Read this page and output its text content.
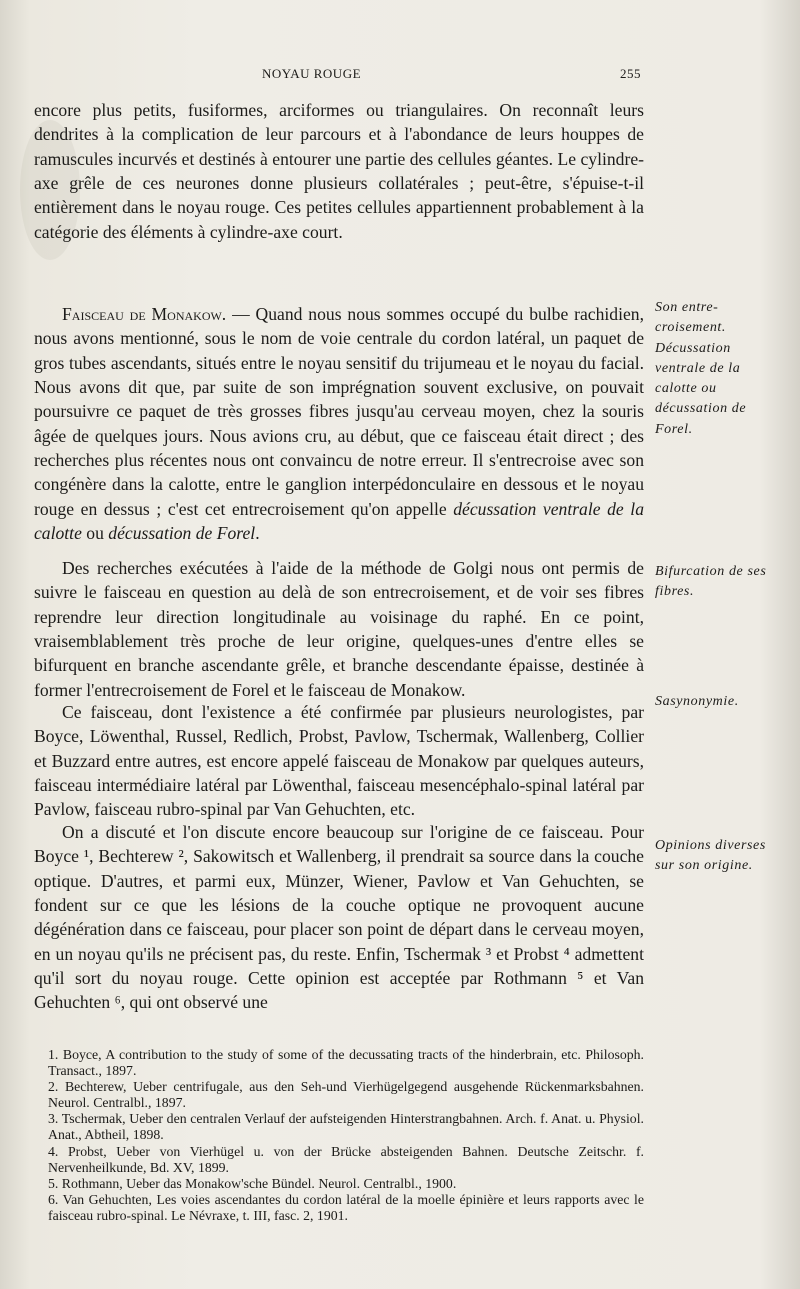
NOYAU ROUGE	255

encore plus petits, fusiformes, arciformes ou triangulaires. On reconnaît leurs dendrites à la complication de leur parcours et à l'abondance de leurs houppes de ramuscules incurvés et destinés à entourer une partie des cellules géantes. Le cylindre-axe grêle de ces neurones donne plusieurs collatérales ; peut-être, s'épuise-t-il entièrement dans le noyau rouge. Ces petites cellules appartiennent probablement à la catégorie des éléments à cylindre-axe court.

Faisceau de Monakow. — Quand nous nous sommes occupé du bulbe rachidien, nous avons mentionné, sous le nom de voie centrale du cordon latéral, un paquet de gros tubes ascendants, situés entre le noyau sensitif du trijumeau et le noyau du facial. Nous avons dit que, par suite de son imprégnation souvent exclusive, on pouvait poursuivre ce paquet de très grosses fibres jusqu'au cerveau moyen, chez la souris âgée de quelques jours. Nous avions cru, au début, que ce faisceau était direct ; des recherches plus récentes nous ont convaincu de notre erreur. Il s'entrecroise avec son congénère dans la calotte, entre le ganglion interpédonculaire en dessous et le noyau rouge en dessus ; c'est cet entrecroisement qu'on appelle décussation ventrale de la calotte ou décussation de Forel.

Des recherches exécutées à l'aide de la méthode de Golgi nous ont permis de suivre le faisceau en question au delà de son entrecroisement, et de voir ses fibres reprendre leur direction longitudinale au voisinage du raphé. En ce point, vraisemblablement très proche de leur origine, quelques-unes d'entre elles se bifurquent en branche ascendante grêle, et branche descendante épaisse, destinée à former l'entrecroisement de Forel et le faisceau de Monakow.

Ce faisceau, dont l'existence a été confirmée par plusieurs neurologistes, par Boyce, Löwenthal, Russel, Redlich, Probst, Pavlow, Tschermak, Wallenberg, Collier et Buzzard entre autres, est encore appelé faisceau de Monakow par quelques auteurs, faisceau intermédiaire latéral par Löwenthal, faisceau mesencéphalo-spinal latéral par Pavlow, faisceau rubro-spinal par Van Gehuchten, etc.

On a discuté et l'on discute encore beaucoup sur l'origine de ce faisceau. Pour Boyce ¹, Bechterew ², Sakowitsch et Wallenberg, il prendrait sa source dans la couche optique. D'autres, et parmi eux, Münzer, Wiener, Pavlow et Van Gehuchten, se fondent sur ce que les lésions de la couche optique ne provoquent aucune dégénération dans ce faisceau, pour placer son point de départ dans le cerveau moyen, en un noyau qu'ils ne précisent pas, du reste. Enfin, Tschermak ³ et Probst ⁴ admettent qu'il sort du noyau rouge. Cette opinion est acceptée par Rothmann ⁵ et Van Gehuchten ⁶, qui ont observé une

Son entre-croisement. Décussation ventrale de la calotte ou décussation de Forel.
Bifurcation de ses fibres.
Sasynonymie.
Opinions diverses sur son origine.

1. Boyce, A contribution to the study of some of the decussating tracts of the hinderbrain, etc. Philosoph. Transact., 1897.

2. Bechterew, Ueber centrifugale, aus den Seh-und Vierhügelgegend ausgehende Rückenmarksbahnen. Neurol. Centralbl., 1897.

3. Tschermak, Ueber den centralen Verlauf der aufsteigenden Hinterstrangbahnen. Arch. f. Anat. u. Physiol. Anat., Abtheil, 1898.

4. Probst, Ueber von Vierhügel u. von der Brücke absteigenden Bahnen. Deutsche Zeitschr. f. Nervenheilkunde, Bd. XV, 1899.

5. Rothmann, Ueber das Monakow'sche Bündel. Neurol. Centralbl., 1900.

6. Van Gehuchten, Les voies ascendantes du cordon latéral de la moelle épinière et leurs rapports avec le faisceau rubro-spinal. Le Névraxe, t. III, fasc. 2, 1901.
